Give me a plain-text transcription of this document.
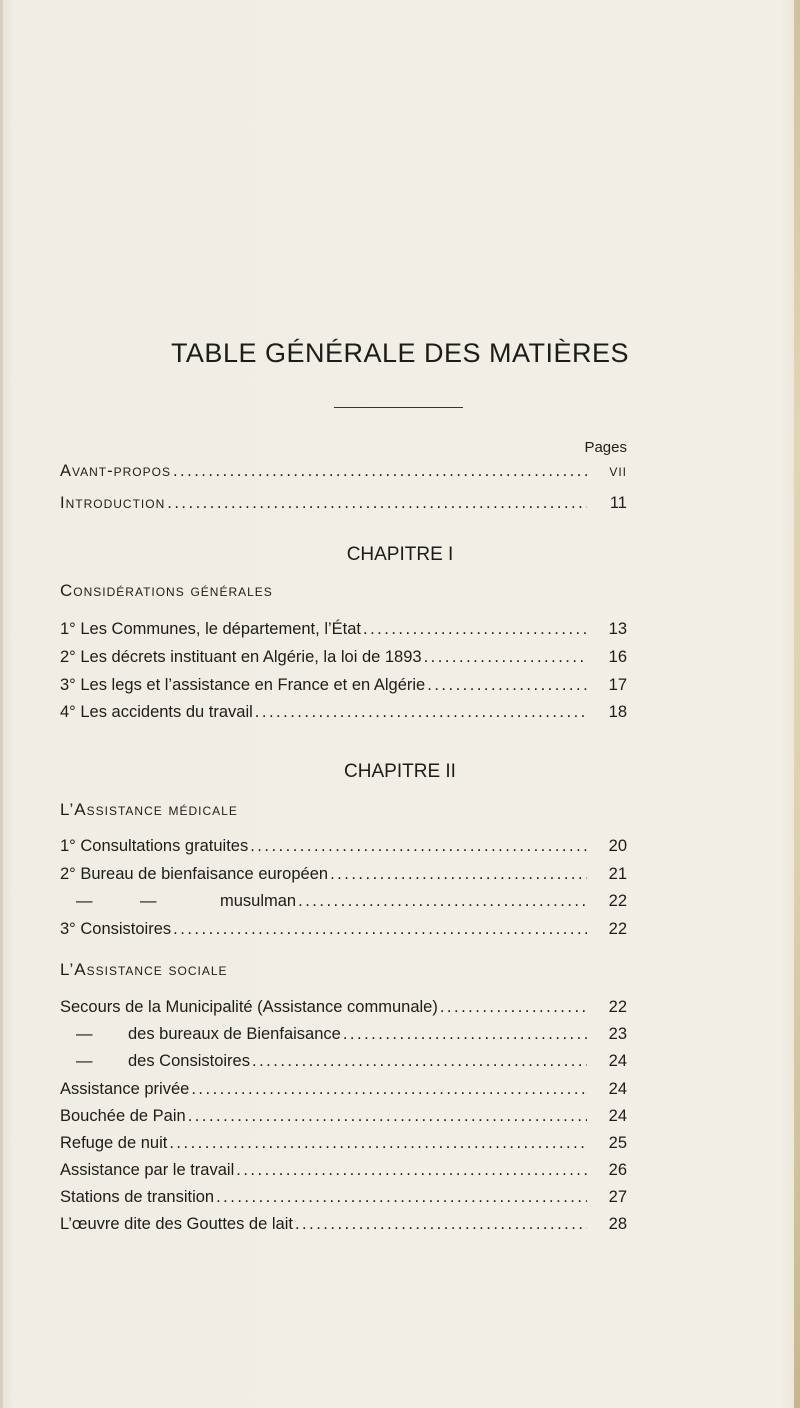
TABLE GÉNÉRALE DES MATIÈRES
Pages
Avant-propos .....	vii
Introduction .....	11
CHAPITRE I
Considérations générales
1° Les Communes, le département, l’État .....	13
2° Les décrets instituant en Algérie, la loi de 1893 .....	16
3° Les legs et l’assistance en France et en Algérie .....	17
4° Les accidents du travail .....	18
CHAPITRE II
L’Assistance médicale
1° Consultations gratuites .....	20
2° Bureau de bienfaisance européen .....	21
—	—	musulman .....	22
3° Consistoires .....	22
L’Assistance sociale
Secours de la Municipalité (Assistance communale) .....	22
— des bureaux de Bienfaisance .....	23
— des Consistoires .....	24
Assistance privée .....	24
Bouchée de Pain .....	24
Refuge de nuit .....	25
Assistance par le travail .....	26
Stations de transition .....	27
L’œuvre dite des Gouttes de lait .....	28
